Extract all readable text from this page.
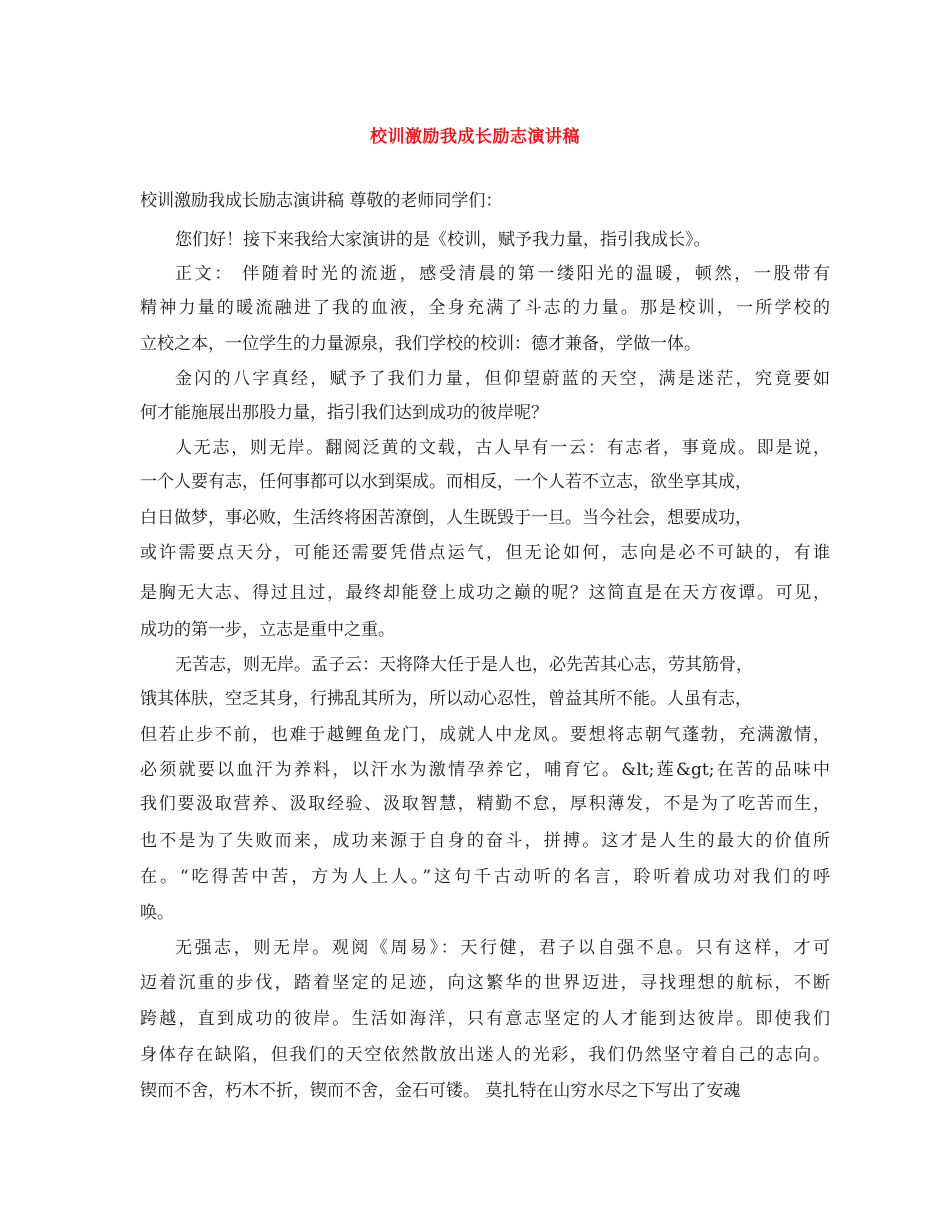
校训激励我成长励志演讲稿
校训激励我成长励志演讲稿 尊敬的老师同学们：
您们好！接下来我给大家演讲的是《校训，赋予我力量，指引我成长》。
正文： 伴随着时光的流逝，感受清晨的第一缕阳光的温暖，顿然，一股带有
精神力量的暖流融进了我的血液，全身充满了斗志的力量。那是校训，一所学校的
立校之本，一位学生的力量源泉，我们学校的校训：德才兼备，学做一体。
金闪的八字真经，赋予了我们力量，但仰望蔚蓝的天空，满是迷茫，究竟要如
何才能施展出那股力量，指引我们达到成功的彼岸呢？
人无志，则无岸。翻阅泛黄的文载，古人早有一云：有志者，事竟成。即是说，
一个人要有志，任何事都可以水到渠成。而相反，一个人若不立志，欲坐享其成，
白日做梦，事必败，生活终将困苦潦倒，人生既毁于一旦。当今社会，想要成功，
或许需要点天分，可能还需要凭借点运气，但无论如何，志向是必不可缺的，有谁
是胸无大志、得过且过，最终却能登上成功之巅的呢？这简直是在天方夜谭。可见，
成功的第一步，立志是重中之重。
无苦志，则无岸。孟子云：天将降大任于是人也，必先苦其心志，劳其筋骨，
饿其体肤，空乏其身，行拂乱其所为，所以动心忍性，曾益其所不能。人虽有志，
但若止步不前，也难于越鲤鱼龙门，成就人中龙凤。要想将志朝气蓬勃，充满激情，
必须就要以血汗为养料，以汗水为激情孕养它，哺育它。&lt;莲&gt;在苦的品味中
我们要汲取营养、汲取经验、汲取智慧，精勤不怠，厚积薄发，不是为了吃苦而生，
也不是为了失败而来，成功来源于自身的奋斗，拼搏。这才是人生的最大的价值所
在。“吃得苦中苦，方为人上人。”这句千古动听的名言，聆听着成功对我们的呼
唤。
无强志，则无岸。观阅《周易》：天行健，君子以自强不息。只有这样，才可
迈着沉重的步伐，踏着坚定的足迹，向这繁华的世界迈进，寻找理想的航标，不断
跨越，直到成功的彼岸。生活如海洋，只有意志坚定的人才能到达彼岸。即使我们
身体存在缺陷，但我们的天空依然散放出迷人的光彩，我们仍然坚守着自己的志向。
锲而不舍，朽木不折，锲而不舍，金石可镂。 莫扎特在山穷水尽之下写出了安魂
